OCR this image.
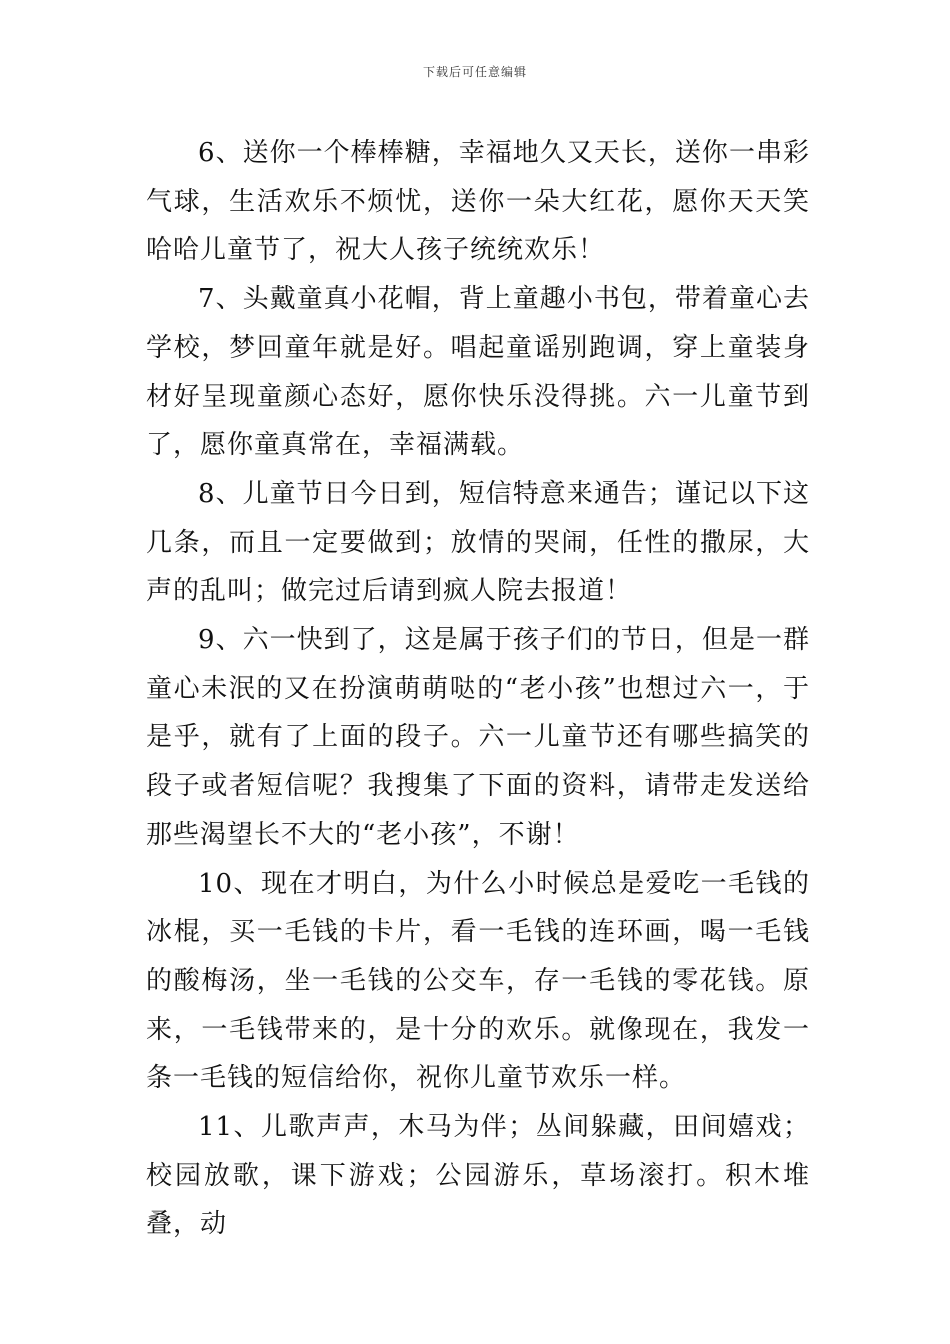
下载后可任意编辑

6、送你一个棒棒糖，幸福地久又天长，送你一串彩气球，生活欢乐不烦忧，送你一朵大红花，愿你天天笑哈哈儿童节了，祝大人孩子统统欢乐！

7、头戴童真小花帽，背上童趣小书包，带着童心去学校，梦回童年就是好。唱起童谣别跑调，穿上童装身材好呈现童颜心态好，愿你快乐没得挑。六一儿童节到了，愿你童真常在，幸福满载。

8、儿童节日今日到，短信特意来通告；谨记以下这几条，而且一定要做到；放情的哭闹，任性的撒尿，大声的乱叫；做完过后请到疯人院去报道！

9、六一快到了，这是属于孩子们的节日，但是一群童心未泯的又在扮演萌萌哒的“老小孩”也想过六一，于是乎，就有了上面的段子。六一儿童节还有哪些搞笑的段子或者短信呢？我搜集了下面的资料，请带走发送给那些渴望长不大的“老小孩”，不谢！

10、现在才明白，为什么小时候总是爱吃一毛钱的冰棍，买一毛钱的卡片，看一毛钱的连环画，喝一毛钱的酸梅汤，坐一毛钱的公交车，存一毛钱的零花钱。原来，一毛钱带来的，是十分的欢乐。就像现在，我发一条一毛钱的短信给你，祝你儿童节欢乐一样。

11、儿歌声声，木马为伴；丛间躲藏，田间嬉戏；校园放歌，课下游戏；公园游乐，草场滚打。积木堆叠，动
